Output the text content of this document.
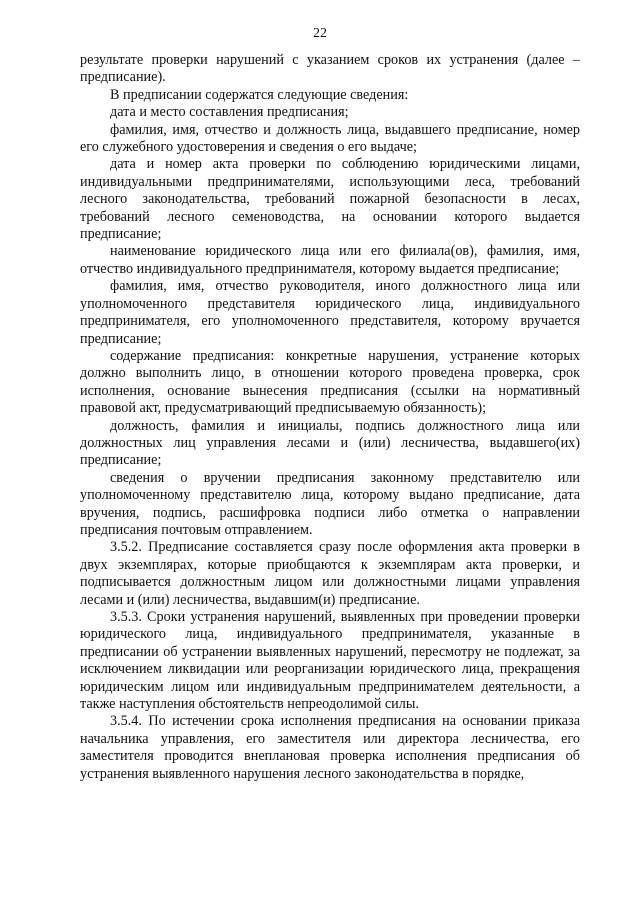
22

результате проверки нарушений с указанием сроков их устранения (далее – предписание).

В предписании содержатся следующие сведения:

дата и место составления предписания;

фамилия, имя, отчество и должность лица, выдавшего предписание, номер его служебного удостоверения и сведения о его выдаче;

дата и номер акта проверки по соблюдению юридическими лицами, индивидуальными предпринимателями, использующими леса, требований лесного законодательства, требований пожарной безопасности в лесах, требований лесного семеноводства, на основании которого выдается предписание;

наименование юридического лица или его филиала(ов), фамилия, имя, отчество индивидуального предпринимателя, которому выдается предписание;

фамилия, имя, отчество руководителя, иного должностного лица или уполномоченного представителя юридического лица, индивидуального предпринимателя, его уполномоченного представителя, которому вручается предписание;

содержание предписания: конкретные нарушения, устранение которых должно выполнить лицо, в отношении которого проведена проверка, срок исполнения, основание вынесения предписания (ссылки на нормативный правовой акт, предусматривающий предписываемую обязанность);

должность, фамилия и инициалы, подпись должностного лица или должностных лиц управления лесами и (или) лесничества, выдавшего(их) предписание;

сведения о вручении предписания законному представителю или уполномоченному представителю лица, которому выдано предписание, дата вручения, подпись, расшифровка подписи либо отметка о направлении предписания почтовым отправлением.

3.5.2. Предписание составляется сразу после оформления акта проверки в двух экземплярах, которые приобщаются к экземплярам акта проверки, и подписывается должностным лицом или должностными лицами управления лесами и (или) лесничества, выдавшим(и) предписание.

3.5.3. Сроки устранения нарушений, выявленных при проведении проверки юридического лица, индивидуального предпринимателя, указанные в предписании об устранении выявленных нарушений, пересмотру не подлежат, за исключением ликвидации или реорганизации юридического лица, прекращения юридическим лицом или индивидуальным предпринимателем деятельности, а также наступления обстоятельств непреодолимой силы.

3.5.4. По истечении срока исполнения предписания на основании приказа начальника управления, его заместителя или директора лесничества, его заместителя проводится внеплановая проверка исполнения предписания об устранения выявленного нарушения лесного законодательства в порядке,
